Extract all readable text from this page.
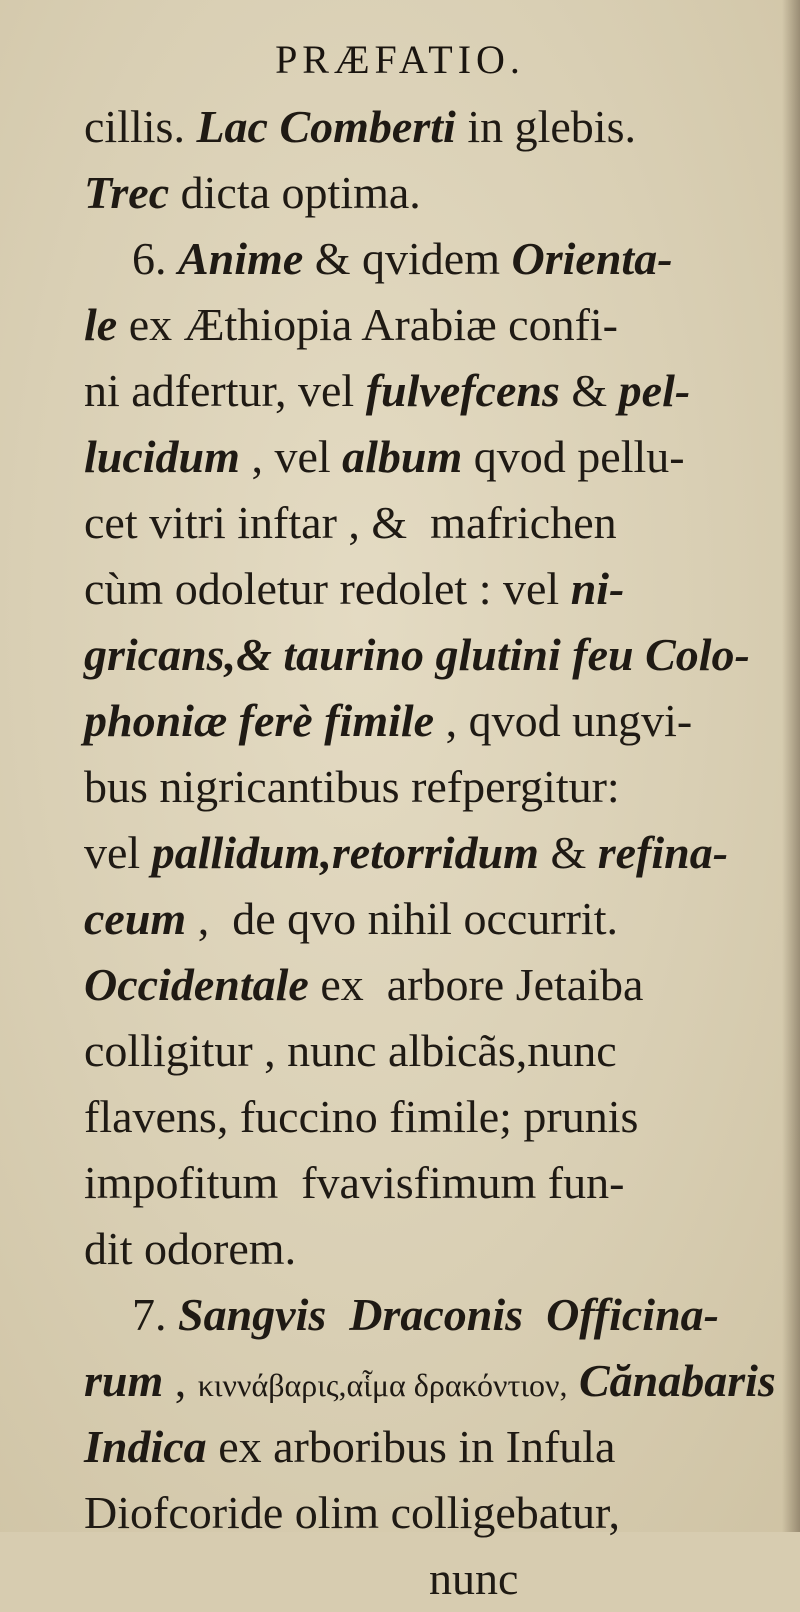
PRÆFATIO.
cillis. Lac Comberti in glebis.
Trec dicta optima.
6. Anime & qvidem Orienta-
le ex Æthiopia Arabiæ confi-
ni adfertur, vel fulvefcens & pel-
lucidum , vel album qvod pellu-
cet vitri inftar , &  mafrichen
cùm odoletur redolet : vel ni-
gricans,& taurino glutini feu Colo-
phoniæ ferè fimile , qvod ungvi-
bus nigricantibus refpergitur:
vel pallidum,retorridum & refina-
ceum ,  de qvo nihil occurrit.
Occidentale ex  arbore Jetaiba
colligitur , nunc albicãs,nunc
flavens, fuccino fimile; prunis
impofitum  fvavisfimum fun-
dit odorem.
7. Sangvis  Draconis  Officina-
rum , κιννάβαρις,αἷμα δρακόντιον, Cănabaris
Indica ex arboribus in Infula
Diofcoride olim colligebatur,
nunc
